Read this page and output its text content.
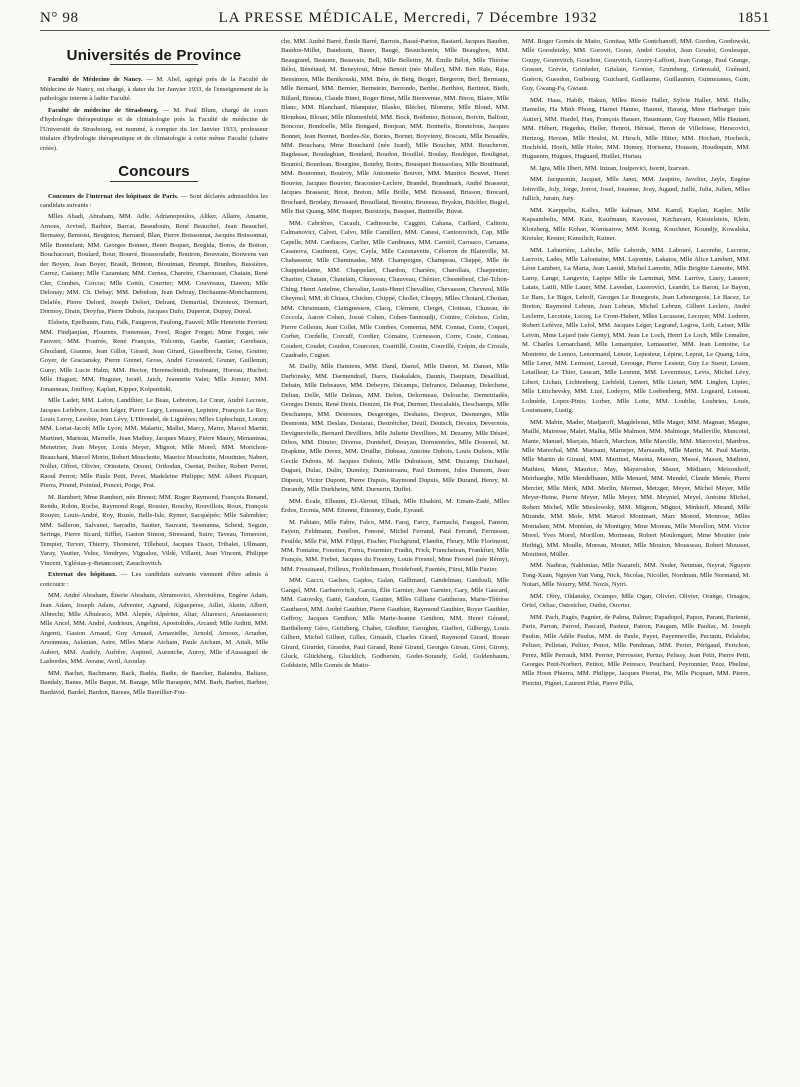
N° 98	LA PRESSE MÉDICALE, Mercredi, 7 Décembre 1932	1851
Universités de Province

Faculté de Médecine de Nancy. — M. Abel, agrégé près de la Faculté de Médecine de Nancy, est chargé, à dater du 1er Janvier 1933, de l'enseignement de la pathologie interne à ladite Faculté.

Faculté de médecine de Strasbourg. — M. Paul Blum, chargé de cours d'hydrologie thérapeutique et de climatologie près la Faculté de médecine de l'Université de Strasbourg, est nommé, à compter du 1er Janvier 1933, professeur titulaire d'hydrologie thérapeutique et de climatologie à cette même Faculté (chaire créée).

Concours

Concours de l'internat des hôpitaux de Paris. — Sont déclarés admissibles les candidats suivants :

Mlles Abadi, Abraham, MM. Adle, Adrianopoulos, Aliker, Allaire, Amante, Arnous, Arvisel, Barbier, Barcat, Beaudouin, René Beauchef, Jean Beauchef, Bernassy, Bemoist, Beugniou, Bernard, Blan, Pierre Boissonnat, Jacques Boissonnat, Mlle Bonnefant; MM. Georges Bonnet, Henri Boquet, Borgida, Boros, de Botton, Bouchacourt, Boulard, Bour, Bourré, Boussoulade, Boutron, Bouvrain, Bouwens van der Boyen, Jean Boyer, Brault, Brimon, Brouiman, Brumpt, Brunhes, Bussières, Carrez, Castany; Mlle Cazamian; MM. Cerneа, Chareire, Charousset, Chatain, René Cler, Combes, Corcos; Mlle Cottin, Courrier; MM. Couvreaux, Dawen; Mlle Delonay; MM. Ch. Debay; MM. Debidour, Jean Debray, Dechaume-Moncharmont, Delafée, Pierre Delord, Joseph Delort, Delrant, Demartial, Dezoteux, Dormart, Dormoy, Drain, Dreyfus, Pierre Dubois, Jacques Dufo, Duperrat, Dupuy, Duval.

Elsbein, Epelbaum, Faiu, Falk, Faugeron, Faulong, Fauvel; Mlle Henriette Ferrieu; MM. Findjanjian, Flourens, Fontenean, Forel, Roger Forget; Mme Forget, née Fauvert; MM. Fourrée, René François, Fulconis, Gaube, Gautier, Gerebaux, Ghozland, Giaume, Jean Gillot, Girard, Jean Girard, Gisselbrecht, Goise, Goutier, Goyer, de Graciansky, Pierre Grenet, Gross, André Grossiord, Gruner, Guillemin, Guny; Mlle Lucie Halm; MM. Hector, Herenschmidt, Hofmann, Horeau, Huchet; Mlle Huguet; MM. Huguier, Israël, Jaich, Jeannette Valet; Mlle Jomier; MM. Jonanneau, Jouffroy, Kaplan, Kipper, Kolpenitski.

Mlle Ladet; MM. Lafon, Landthier, Le Beau, Lebreton, Le Cœur, André Lecoste, Jacques Lefebvre, Lucien Léger, Pierre Legry, Lemasson, Lepintre, François Le Roy, Louis Leroy, Lesobre, Jean Lévy, L'Hirondel, de Lignières; Mlles Liphschutz, Lorain; MM. Lortat-Jacob; Mlle Lyon; MM. Malartic, Mallet, Marcy, Marre, Marcel Martin, Martinet, Marteau, Marnelle, Jean Mathey, Jacques Maury, Pierre Maury, Menanteau, Menetrier, Jean Meyer, Louis Meyer, Mignot; Mlle Morel; MM. Morichon-Beauchant, Marcel Morin, Robert Mouchotte, Maurice Mouchotte, Moutinier, Nabert, Nollet, Offret, Olivier, Orinstein, Orsoni, Orthodan, Osenat, Pecher, Robert Perret, Raoul Perrot; Mlle Paule Petit, Pevet, Madeleine Philippe; MM. Albert Picquart, Pierra, Pirand, Pointud, Poncet, Porge, Prat.

M. Rambert; Mme Rambert, née Brenot; MM. Roger Raymond, François Renand, Rendu, Robin, Roche, Raymond Rogé, Rossier, Rouchy, Rouvillois, Roux, François Rouyer, Louis-André, Roy, Rozée, Belle-Isle, Rymer, Sacquépée; Mlle Salembier; MM. Salleron, Salvanet, Sarradin, Sautter, Sauvain, Sesmanna, Scheid, Seguin, Seringe, Pierre Sicard, Sifflet, Gaston Simon, Stressand, Suire, Taveau, Temerson, Tempier, Terver, Thierry, Thomeret, Tillebeuf, Jacques Tissot, Tribalet, Ullmann, Varay, Vautier, Velez, Vendryes, Vignalou, Vildé, Villaret, Jean Vincent, Philippe Vincent, Yglésias-y-Betancourt, Zarachovitch.

Externat des hôpitaux. — Les candidats suivants viennent d'être admis à concourir :

MM. André Abraham, Énerie Abraham, Abramovici, Abroisières, Engène Adam, Jean Adam, Joseph Adam, Advenier, Agnand, Aigueperse, Aillet, Aknin, Albert, Albrecht; Mlle Albulesco, MM. Alepée, Alpérine, Altar, Altaresco, Anastassesco; Mlle Ancel, MM. André, Andrieux, Angelini, Apostolidès, Arcand; Mlle Arditti, MM. Argenti, Gaston Arnaud, Guy Arnaud, Arnavielhe, Arnold, Arnoux, Arradon, Arsonneau, Aslanian, Astre, Mlles Marie Atcham, Paule Atcham, M. Attali, Mlle Aubert, MM. Audoly, Aufrère, Aupinel, Aurenche, Auroy, Mlle d'Aussaguel de Lasbordes, MM. Avrane, Avril, Azoulay.

MM. Bachet, Bachmann, Back, Badéa, Badie, de Baecker, Balandra, Baltaxe, Bandaly, Banse, Mlle Baque, M. Barage, Mlle Baraquin, MM. Barb, Barbet, Barbier, Bardavid, Bardel, Bardon, Bareau, Mlle Bareillier-Fou-

che, MM. André Barré, Émile Barré, Barrois, Bassé-Parton, Bastard, Jacques Baudon, Baudon-Millet, Baudouin, Bauer, Baugé, Beauchemin, Mlle Beaughon, MM. Beaugrand, Beaume, Beauvais, Bell, Mlle Bellettre, M. Émile Bélot, Mlle Thérèse Bélot, Bénétaud, M. Beneytout, Mme Benoit (née Muller), MM. Ben Raïs, Raja, Bensimon, Mlle Bentkouski, MM. Béra, de Berg, Berger, Bergeron, Berl, Bermanu, Mlle Bernard, MM. Bernier, Bernstein, Berrondo, Berthe, Berthiot, Bertinot, Bieth, Billard, Bineau, Claude Binet, Roger Binet, Mlle Bienvenuе, MM. Birou, Blaire, Mlle Blanc, MM. Blanchard, Blanquier, Blasko, Bléchet, Blomme, Mlle Blond, MM. Blondeau, Blouet, Mlle Blumenfeld, MM. Bock, Boëhmer, Boisson, Boivin, Balfour, Boncour, Bondoelle, Mlle Bongard, Bonjean, MM. Bonnefis, Bonnefous, Jacques Bonnet, Jean Bonnet, Bordes-Sie, Bories, Bornet, Boyvieny, Boscaiu, Mlle Bouadès, MM. Bouchara, Mme Bouchard (née Izard), Mlle Boucher, MM. Boucheron, Bagdassar, Boudaghian, Boudard, Boudon, Bouillié, Boulay, Boulègue, Boulignat, Bouniol, Bourdeau, Bourgine, Bourhy, Bours, Bousquet Boussofara, Mlle Boutinaud, MM. Boutonnet, Boutroy, Mlle Antoinette Bouvet, MM. Maurice Bouvet, Henri Bouvier, Jacques Bouvier, Braconier-Leclere, Brandel, Brandmark, André Brasseur, Jacques Brasseur, Brest, Breton, Mlle Brille, MM. Brissaud, Brisson, Brocard, Brochard, Brodaty, Brossard, Brouillaud, Broutin, Bruneau, Bryskin, Büchler, Bugiel, Mlle Bui Quang, MM. Buquet, Burstzeju, Busquet, Buttreille, Buvat.

MM. Cabrières, Cacault, Cadinouche, Caggini, Cahana, Caillard, Calitoiu, Calmanovici, Calvet, Calvo, Mlle Camilleri, MM. Canesi, Cantorovitch, Cap, Mlle Capelle, MM. Cardiaces, Carlier, Mlle Cardinaux, MM. Carniol, Carrasco, Caruana, Casanova, Caufment, Caye, Cayla, Mlle Cazenavette, Célorron de Blainville, M. Chabasseur, Mlle Chaminadas, MM. Champeigne, Champeau, Chappé, Mlle de Chappedelaine, MM. Chappelart, Chardon, Charière, Charollais, Charpentier, Chartier, Chatain, Chatelain, Chauveau, Chauveau, Chénier, Chesnebeuf, Ché-Tchon-Ching, Henri Antelme, Chevalier, Louis-Henri Chevallier, Chevasson, Chevreul, Mlle Cheymol, MM. di Chiara, Chicher, Chippé, Chollet, Choppy, Mlles Chotard, Chotian, MM. Christmann, Claingnesson, Clacq, Clément, Clerget, Clotteau, Cluzeau, de Coccola, Aaron Cohen, Josué Cohen, Cohen-Tannoudji, Cointre, Coletsos, Colin, Pierre Collerau, Jean Collet, Mlle Combes, Comerma, MM. Connat, Conte, Coquet, Corbet, Cordelle, Corcuff, Cordier, Cornaire, Cornesson, Corre, Coste, Cotteau, Coudert, Coudet, Coudon, Courcoux, Courtillé, Coutin, Couvillé, Crépin, de Crozals, Cuadrado, Cuguet.

M. Dailly, Mlle Damiens, MM. Dand, Daniel, Mlle Danon, M. Danset, Mlle Darbonsky, MM. Darmendrail, Darrs, Daskalakis, Daunis, Dauptain, Desailliud, Debain, Mlle Debeauve, MM. Debeyre, Décamps, Defrance, Delaunay, Delechene, Delian, Delle, Mlle Delmas, MM. Delon, Delormeau, Delouche, Demetriadès, Georges Demis, René Denis, Denizet, De Prat, Dermer, Descalakis, Deschamps, Mlle Deschamps, MM. Destosses, Desgeorges, Deshaies, Desjeux, Desmerges, Mlle Desmonts, MM. Deslais, Destarac, Destréicher, Deuil, Deutsch, Devaux, Devernois, Devignevielle, Bernard Devilliers, Mlle Juliette Devilliers, M. Dezamy, Mlle Désiré, Dibos, MM. Dimier, Diverse, Dontehef, Douyau, Dormenteles, Mlle Douenel, M. Drapkine, Mlle Drenx, MM. Druilhe, Dubeau, Antoine Dubois, Louis Dubois, Mlle Gecile Dubois, M. Jacques Dubois, Mlle Dubuisson, MM. Ducamp, Duchatel, Duguet, Dulac, Dulin, Dumézy, Dumistreanu, Paul Dumont, Jules Dumont, Jean Dupeuit, Victor Dupont, Pierre Dupuis, Raymond Dupuis, Mlle Durand, Henry, M. Durandy, Mlle Durkheim, MM. Durnerin, Duffet.

MM. Écale, Elbaum, El-Akrout, Elbaik, Mlle Elsakini, M. Emam-Zadé, Mlles Érdos, Ercmia, MM. Étienne, Étienney, Eude, Eyraud.

M. Fabiato, Mlle Fabre, Falco, MM. Faraj, Farcy, Farmachi, Faugsol, Fanson, Fayein, Feldmann, Fenélon, Fenoné, Michel Ferrand, Paul Ferrand, Ferrasson, Feuilde, Mlle Fié, MM. Filippi, Fischer, Fischgrund, Flandin, Fleury, Mlle Florimont, MM. Fontaine, Fonotier, Fornu, Fourmier, Fradin, Frick, Franchetean, Frankfurt, Mlle Françès, MM. Frebet, Jacques du Fresnoy, Louis Fresnel, Mme Fresnel (née Rémy), MM. Fressinaud, Frilleux, Frohlichmann, Froidefond, Fuentès, Fürst, Mlle Fuzier.

MM. Gaccu, Gaches, Gajdos, Galan, Gallimard, Gandelman, Gandouli, Mlle Gangel, MM. Garbarovitch, Garcia, Élie Garnier, Jean Garnier, Gary, Mlle Gascard, MM. Gatovsky, Gatté, Gaudoin, Gautier, Mlles Gilliane Gautherau, Marie-Thérèse Gautherot, MM. André Gauthier, Pierre Gauthier, Raymond Gauthier, Royer Gauthier, Geffroy, Jacques Genthon, Mlle Marie-Jeanne Genthon, MM. Henri Gérand, Barthélemy Géro, Geitzberg, Chabet, Gledhier, Georghin, Giafferi, Gilbergy, Louis Gilbert, Michel Gilbert, Gilles, Gimault, Charles Girard, Raymond Girard, Roean Girard, Girardet, Girardot, Paul Girand, René Girand, Georges Girsan, Giret, Girony, Gluck, Glückberg, Glucklich, Godbersin, Godet-Soraudy, Gold, Goldenbaum, Goldstein, Mlle Gomès de Matto-

MM. Roger Gomès de Matto, Gonitaa, Mlle Gontchanoff, MM. Gordon, Gordowski, Mlle Gorodetzky, MM. Gorovit, Gorse, André Goudot, Jean Goudot, Goulesque, Goupy, Gourevitch, Gourlion, Gourvitch, Gouvy-Laffont, Jean Grange, Paul Grange, Grasset, Grévin, Grinfeder, Grislain, Gronier, Grumberg, Grünwald, Guénard, Guéron, Guesdon, Guibourg, Guichard, Guillaume, Guillaumin, Guimezanes, Guin, Guy, Gwang-Fa, Gwiaut.

MM. Haas, Habib, Hakun, Mlles Renée Haller, Sylvie Haller, MM. Hallu, Hamelin, Ha Minh Phong, Harnet Hanno, Haumé, Harang, Mme Harburger (née Autier), MM. Hardel, Hau, François Hauser, Hausmann, Guy Hausser, Mlle Hautant, MM. Hébert, Hegedus, Heller, Henrot, Hérissé, Heron de Villefosse, Herscovici, Hertzog, Herzan, Mlle Heulot, M. Hirsch, Mlle Hitier, MM. Hochart, Hocheck, Hochfeld, Hoeft, Mlle Hofer, MM. Homsy, Horisenz, Houssin, Houdoquin, MM. Huguenin, Hugues, Huguard, Huillet, Huriau.

M. Igra, Mlle Ilbert, MM. Inizan, Iosipovici, Isorni, Izarvan.

MM. Jacquemin, Jacquet, Mlle Janet, MM. Jaupitre, Javelier, Jayle, Eugène Joinville, Joly, Jorge, Jorrot, Josel, Jouenne, Jouy, Jugand, Juillé, Julia, Julien, Mlles Jullich, Jurain, Jury.

MM. Kaeppelin, Kalles, Mlle kalman, MM. Kamil, Kaplan, Kapler, Mlle Kapsambelis, MM. Katz, Kaufmann, Kavoussi, Kechavarz, Kiesielstein, Klein, Klotzberg, Mlle Kohan, Komisarow, MM. Konig, Kouchner, Koundjy, Kowalska, Kreisler, Kreuer, Kunstlich, Kutner.

MM. Labarrière, Labiche, Mlle Laborde, MM. Labouré, Lacombe, Lacorne, Lacroix, Lades, Mlle Lafontaine, MM. Lajonnie, Lakatos, Mlle Alice Lambert, MM. Léon Lambert, La Maria, Jean Lamid, Michel Lamotte, Mlle Brigitte Lamotte, MM. Lamy, Lange, Langevin, Lapipe Mlle de Larminat, MM. Larrive, Lasry, Lassere, Latats, Latifi, Mlle Lauer, MM. Lavedan, Lazerovici, Leandri, Le Baron, Le Bayon, Le Bars, Le Bigot, Leboff, Georges Le Bourgeois, Jean Lebourgeois, Le Bacez, Le Breton, Raymond Lebrun, Jean Lebrun, Michel Lebrun, Gilbert Leclerc, André Leclerre, Lecointe, Lecoq, Le Crom-Hubert, Mlles Lecusson, Lecuyer, MM. Lederer, Robert Lefèvre, Mlle Lefol, MM. Jacques Léger, Legrand, Legros, Leib, Leiser, Mlle Leivin, Mme Lejard (née Genty), MM. Jean Le Loch, Henri Le Loch, Mlle Lemaître, M. Charles Lemarchand, Mlle Lemarquier, Lemasurier, MM. Jean Lemoine, Le Montreer, de Lemos, Lenormand, Lenoir, Lepesteur, Lépine, Leprat, Le Quang, Léra, Mlle Lerer, MM. Lermont, Leroud, Lerouge, Pierre Lesieur, Guy Le Sueur, Lesure, Letailleur, Le Thier, Leucart, Mlle Leurent, MM. Levernieux, Levis, Michel Lévy, Libert, Lichau, Lichtenberg, Liebfeld, Lienert, Mlle Lietart, MM. Linglen, Lipiec, Mlle Littichevsky, MM. Lizé, Lodeyro, Mlle Loebenberg, MM. Logeard, Loiseau, Lolmède, Lopez-Pinio, Lorber, Mlle Lotte, MM. Loublie, Loubrieu, Louis, Louismann, Lustig.

MM. Mabin, Mader, Madjaroff, Magdelenat, Mlle Mager, MM. Magnan, Maigne, Maillé, Mairesse, Malet, Malka, Mlle Malmon, MM. Malmoge, Malleville, Mancotel, Mante, Manuel, Marçais, March, Marchon, Mlle Marcille, MM. Marcovici, Mardrus, Mlle Marechal, MM. Marisani, Marnejer, Marsaudit, Mlle Martin, M. Paul Martin, Mlle Martin de Giraud, MM. Martinet, Masina, Masson, Massé, Massot, Mathieu, Mathieu, Matet, Maurice, May, Mayeroslon, Mazet, Médiano, Meizonhoff, Meirhaeghe, Mlle Mendelbaum, Mlle Menard, MM. Mendel, Claude Menée, Pierre Mercier, Mlle Merk, MM. Merlin, Mermet, Metzger, Meyer, Michel Meyer, Mlle Meyer-Heine, Pierre Meyer, Mlle Meyer, MM. Meyniel, Meyel, Antoine Michel, Robert Michel, Mlle Mieslowsky, MM. Mignon, Mignot, Minkieff, Mirand, Mlle Mirande, MM. Mole, MM. Marcel Monimart, Marc Monod, Monrose, Mlles Montalant, MM. Montéan, de Montigny, Mme Moreau, Mlle Morellon, MM. Victor Morel, Yves Morel, Morillon, Morineau, Robert Moulonguet, Mme Moutier (née Heibig), MM. Moulle, Moreau, Moutet, Mlle Mouton, Mousseau, Robert Mousset, Moutinot, Müller.

MM. Nadiras, Nakhmias, Mlle Nazarelt, MM. Neder, Neuman, Neyrat, Nguyen Tong-Xuan, Nguyen Van Vang, Nick, Nicolas, Nicollet, Nordman, Mlle Normand, M. Notari, Mlle Nourry, MM. Nozis, Nyiri.

MM. Obry, Oldansky, Ocampo, Mlle Ogan, Olivier, Olivier, Orange, Orsagos, Orfel, Orliac, Ostreicher, Oudot, Ouvrier.

MM. Pach, Pagès, Pagnier, de Palma, Palmer, Papadopol, Papon, Parant, Parienté, Paris, Parran, Parrod, Pascard, Pasteur, Patron, Paugam, Mlle Pauliac, M. Joseph Paulus, Mlle Adèle Paulus, MM. de Paule, Payet, Payenneville, Pecuniu, Pelaloba, Peltzer, Pelletan, Peltier, Penot, Mlle Pendman, MM. Perier, Périgaud, Perichon, Perez, Mlle Perrault, MM. Perrier, Perrossier, Pertus, Pelissy, Jean Petit, Pierre Petit, Georges Petit-Norbert, Petitot, Mlle Petresco, Peuchard, Peyronnier, Peze, Pheline, Mlle Hoon Phierra, MM. Philippe, Jacques Pierrat, Pie, Mlle Picquart, MM. Pierre, Pietrini, Pignet, Laurent Pilat, Pierre Pilla,
